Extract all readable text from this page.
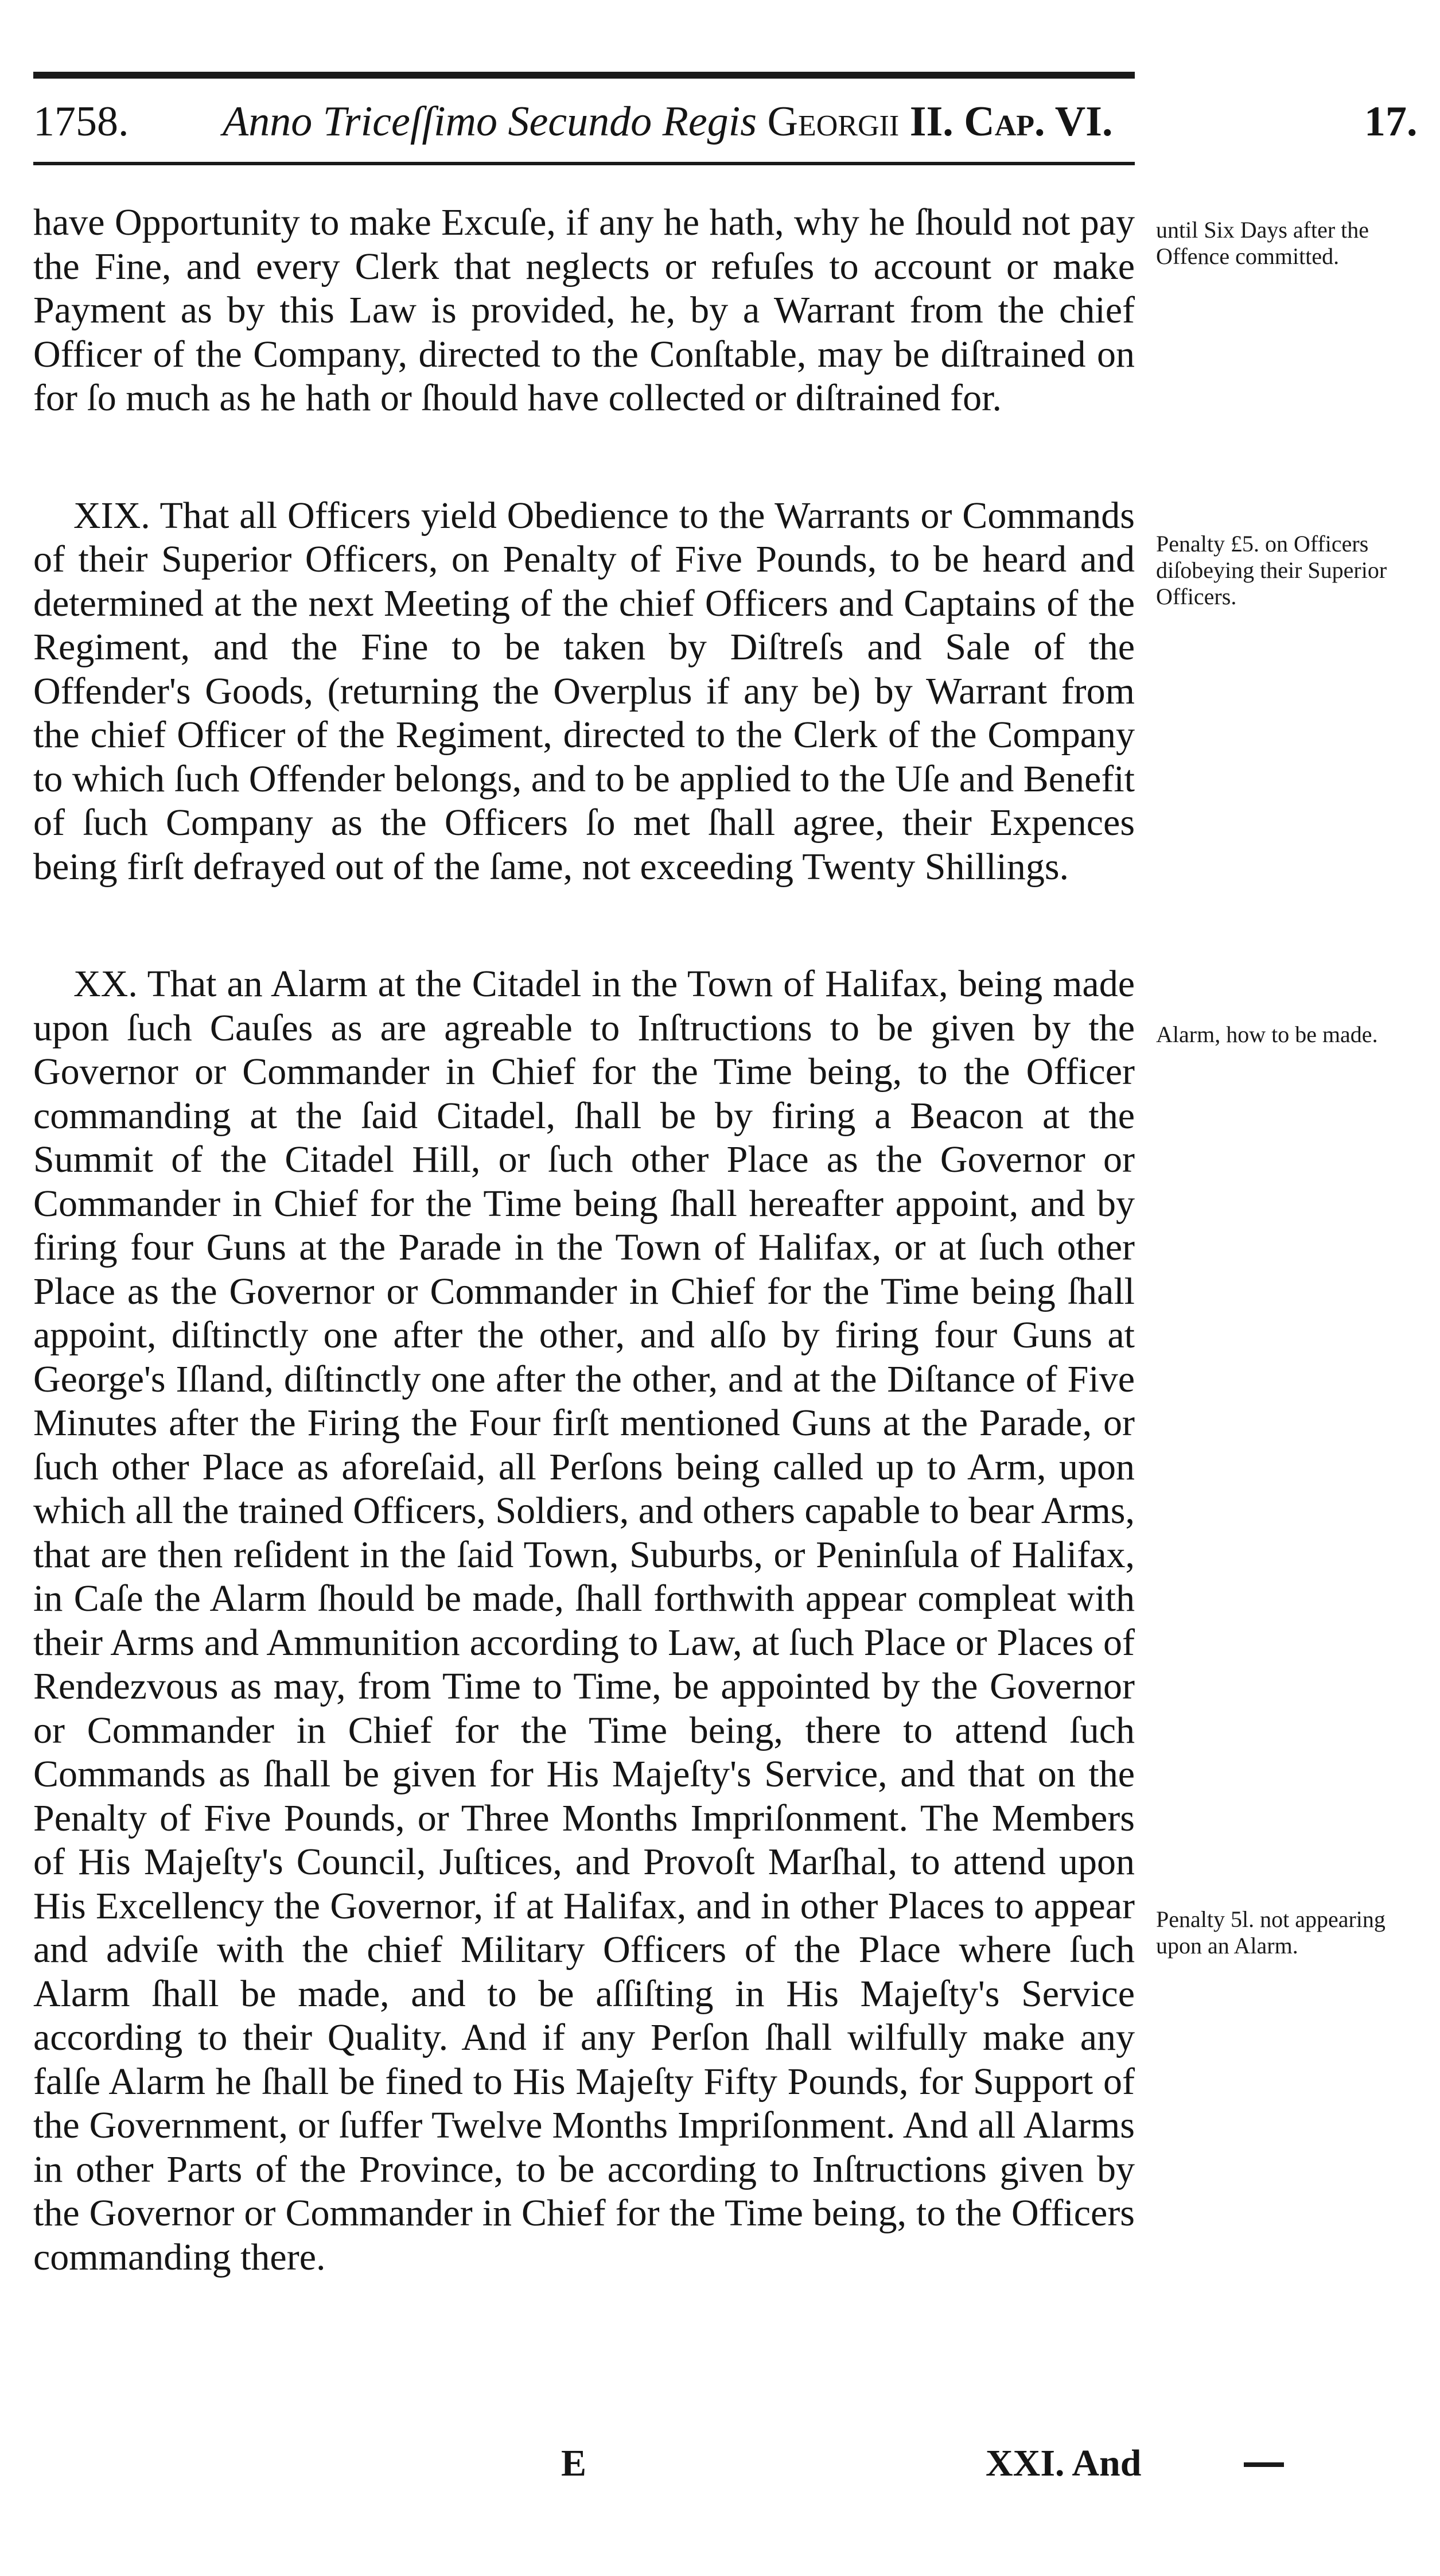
1758. Anno Triceſſimo Secundo Regis Georgii II. Cap. VI.	17.

have Opportunity to make Excuſe, if any he hath, why he ſhould not pay the Fine, and every Clerk that neglects or refuſes to account or make Payment as by this Law is provided, he, by a Warrant from the chief Officer of the Company, directed to the Conſtable, may be diſtrained on for ſo much as he hath or ſhould have collected or diſtrained for.

XIX. That all Officers yield Obedience to the Warrants or Commands of their Superior Officers, on Penalty of Five Pounds, to be heard and determined at the next Meeting of the chief Officers and Captains of the Regiment, and the Fine to be taken by Diſtreſs and Sale of the Offender's Goods, (returning the Overplus if any be) by Warrant from the chief Officer of the Regiment, directed to the Clerk of the Company to which ſuch Offender belongs, and to be applied to the Uſe and Benefit of ſuch Company as the Officers ſo met ſhall agree, their Expences being firſt defrayed out of the ſame, not exceeding Twenty Shillings.

XX. That an Alarm at the Citadel in the Town of Halifax, being made upon ſuch Cauſes as are agreable to Inſtructions to be given by the Governor or Commander in Chief for the Time being, to the Officer commanding at the ſaid Citadel, ſhall be by firing a Beacon at the Summit of the Citadel Hill, or ſuch other Place as the Governor or Commander in Chief for the Time being ſhall hereafter appoint, and by firing four Guns at the Parade in the Town of Halifax, or at ſuch other Place as the Governor or Commander in Chief for the Time being ſhall appoint, diſtinctly one after the other, and alſo by firing four Guns at George's Iſland, diſtinctly one after the other, and at the Diſtance of Five Minutes after the Firing the Four firſt mentioned Guns at the Parade, or ſuch other Place as aforeſaid, all Perſons being called up to Arm, upon which all the trained Officers, Soldiers, and others capable to bear Arms, that are then reſident in the ſaid Town, Suburbs, or Peninſula of Halifax, in Caſe the Alarm ſhould be made, ſhall forthwith appear compleat with their Arms and Ammunition according to Law, at ſuch Place or Places of Rendezvous as may, from Time to Time, be appointed by the Governor or Commander in Chief for the Time being, there to attend ſuch Commands as ſhall be given for His Majeſty's Service, and that on the Penalty of Five Pounds, or Three Months Impriſonment. The Members of His Majeſty's Council, Juſtices, and Provoſt Marſhal, to attend upon His Excellency the Governor, if at Halifax, and in other Places to appear and adviſe with the chief Military Officers of the Place where ſuch Alarm ſhall be made, and to be aſſiſting in His Majeſty's Service according to their Quality. And if any Perſon ſhall wilfully make any falſe Alarm he ſhall be fined to His Majeſty Fifty Pounds, for Support of the Government, or ſuffer Twelve Months Impriſonment. And all Alarms in other Parts of the Province, to be according to Inſtructions given by the Governor or Commander in Chief for the Time being, to the Officers commanding there.

until Six Days after the Offence committed.
Penalty £5. on Officers diſobeying their Superior Officers.
Alarm, how to be made.
Penalty 5l. not appearing upon an Alarm.
E	XXI. And
